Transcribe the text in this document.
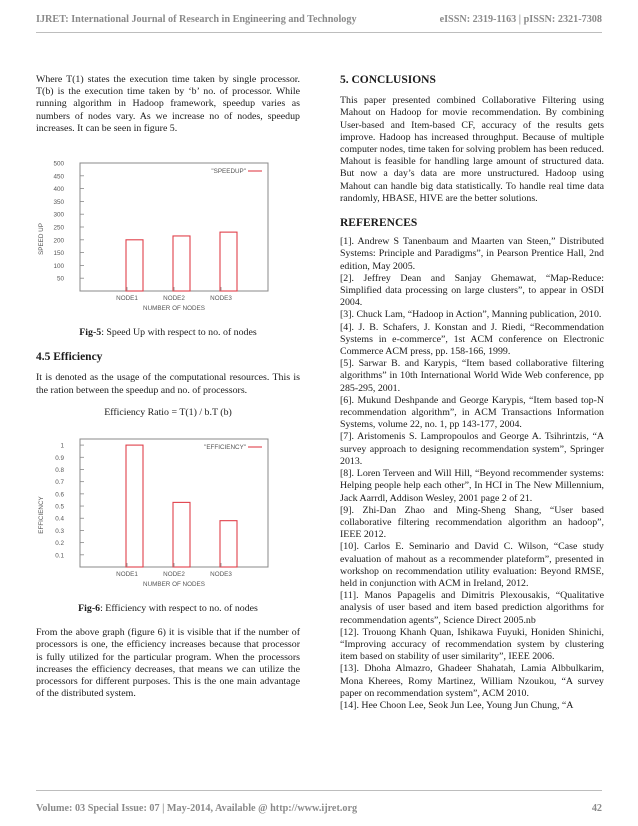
IJRET: International Journal of Research in Engineering and Technology	eISSN: 2319-1163 | pISSN: 2321-7308

Where T(1) states the execution time taken by single processor. T(b) is the execution time taken by ‘b’ no. of processor. While running algorithm in Hadoop framework, speedup varies as numbers of nodes vary. As we increase no of nodes, speedup increases. It can be seen in figure 5.

50
100
150
200
250
300
350
400
450
500
NODE1	NODE2	NODE3
NUMBER OF NODES
SPEED UP
"SPEEDUP"

Fig-5: Speed Up with respect to no. of nodes

4.5 Efficiency

It is denoted as the usage of the computational resources. This is the ration between the speedup and no. of processors.

Efficiency Ratio = T(1) / b.T (b)

0.1
0.2
0.3
0.4
0.5
0.6
0.7
0.8
0.9
1
NODE1	NODE2	NODE3
NUMBER OF NODES
EFFICIENCY
"EFFICIENCY"

Fig-6: Efficiency with respect to no. of nodes

From the above graph (figure 6) it is visible that if the number of processors is one, the efficiency increases because that processor is fully utilized for the particular program. When the processors increases the efficiency decreases, that means we can utilize the processors for different purposes. This is the one main advantage of the distributed system.

5. CONCLUSIONS

This paper presented combined Collaborative Filtering using Mahout on Hadoop for movie recommendation. By combining User-based and Item-based CF, accuracy of the results gets improve. Hadoop has increased throughput. Because of multiple computer nodes, time taken for solving problem has been reduced. Mahout is feasible for handling large amount of structured data. But now a day’s data are more unstructured. Hadoop using Mahout can handle big data statistically. To handle real time data randomly, HBASE, HIVE are the better solutions.

REFERENCES

[1]. Andrew S Tanenbaum and Maarten van Steen,” Distributed Systems: Principle and Paradigms”, in Pearson Prentice Hall, 2nd edition, May 2005.

[2]. Jeffrey Dean and Sanjay Ghemawat, “Map-Reduce: Simplified data processing on large clusters”, to appear in OSDI 2004.

[3]. Chuck Lam, “Hadoop in Action”, Manning publication, 2010.

[4]. J. B. Schafers, J. Konstan and J. Riedi, “Recommendation Systems in e-commerce”, 1st ACM conference on Electronic Commerce ACM press, pp. 158-166, 1999.

[5]. Sarwar B. and Karypis, “Item based collaborative filtering algorithms” in 10th International World Wide Web conference, pp 285-295, 2001.

[6]. Mukund Deshpande and George Karypis, “Item based top-N recommendation algorithm”, in ACM Transactions Information Systems, volume 22, no. 1, pp 143-177, 2004.

[7]. Aristomenis S. Lampropoulos and George A. Tsihrintzis, “A survey approach to designing recommendation system”, Springer 2013.

[8]. Loren Terveen and Will Hill, “Beyond recommender systems: Helping people help each other”, In HCI in The New Millennium, Jack Aarrdl, Addison Wesley, 2001 page 2 of 21.

[9]. Zhi-Dan Zhao and Ming-Sheng Shang, “User based collaborative filtering recommendation algorithm an hadoop”, IEEE 2012.

[10]. Carlos E. Seminario and David C. Wilson, “Case study evaluation of mahout as a recommender plateform”, presented in workshop on recommendation utility evaluation: Beyond RMSE, held in conjunction with ACM in Ireland, 2012.

[11]. Manos Papagelis and Dimitris Plexousakis, “Qualitative analysis of user based and item based prediction algorithms for recommendation agents”, Science Direct 2005.nb

[12]. Trouong Khanh Quan, Ishikawa Fuyuki, Honiden Shinichi, “Improving accuracy of recommendation system by clustering item based on stability of user similarity”, IEEE 2006.

[13]. Dhoha Almazro, Ghadeer Shahatah, Lamia Albbulkarim, Mona Kherees, Romy Martinez, William Nzoukou, “A survey paper on recommendation system”, ACM 2010.

[14]. Hee Choon Lee, Seok Jun Lee, Young Jun Chung, “A

Volume: 03 Special Issue: 07 | May-2014, Available @ http://www.ijret.org	42
